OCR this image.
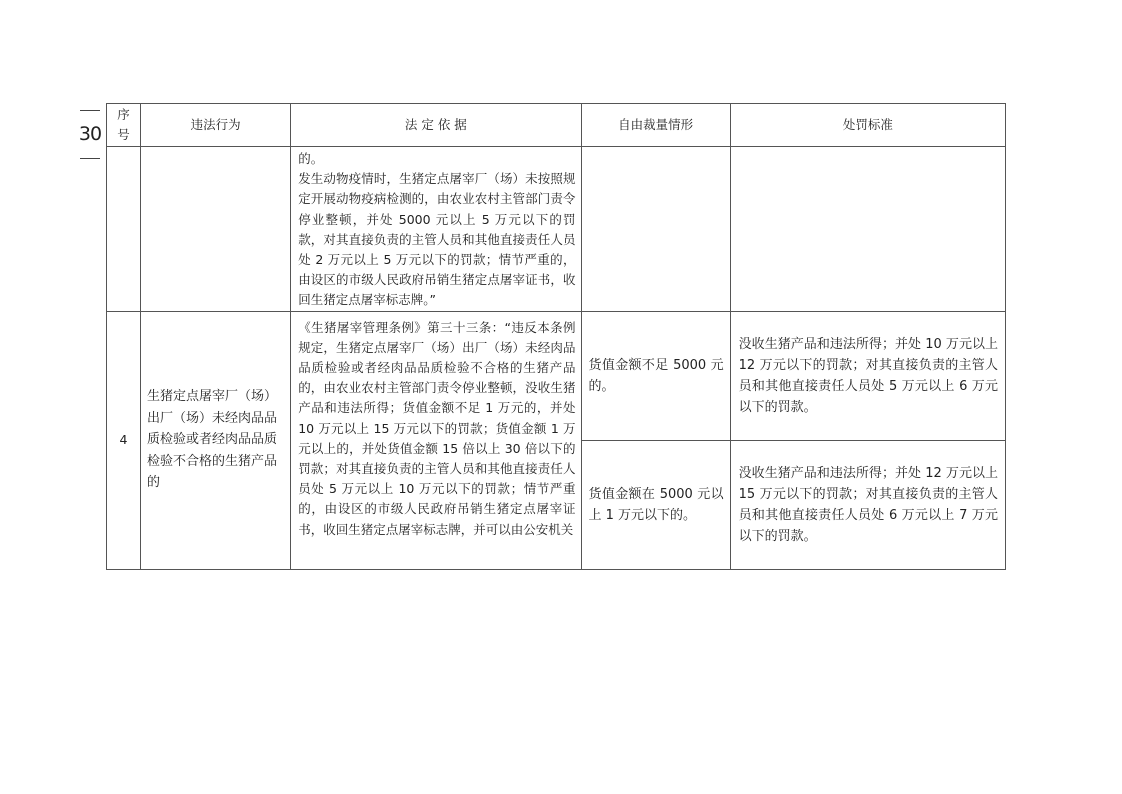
30
序号	违法行为	法 定 依 据	自由裁量情形	处罚标准

		的。
发生动物疫情时，生猪定点屠宰厂（场）未按照规定开展动物疫病检测的，由农业农村主管部门责令停业整顿，并处 5000 元以上 5 万元以下的罚款，对其直接负责的主管人员和其他直接责任人员处 2 万元以上 5 万元以下的罚款；情节严重的，由设区的市级人民政府吊销生猪定点屠宰证书，收回生猪定点屠宰标志牌。”		

4	生猪定点屠宰厂（场）出厂（场）未经肉品品质检验或者经肉品品质检验不合格的生猪产品的	《生猪屠宰管理条例》第三十三条：“违反本条例规定，生猪定点屠宰厂（场）出厂（场）未经肉品品质检验或者经肉品品质检验不合格的生猪产品的，由农业农村主管部门责令停业整顿，没收生猪产品和违法所得；货值金额不足 1 万元的，并处 10 万元以上 15 万元以下的罚款；货值金额 1 万元以上的，并处货值金额 15 倍以上 30 倍以下的罚款；对其直接负责的主管人员和其他直接责任人员处 5 万元以上 10 万元以下的罚款；情节严重的，由设区的市级人民政府吊销生猪定点屠宰证书，收回生猪定点屠宰标志牌，并可以由公安机关	货值金额不足 5000 元的。	没收生猪产品和违法所得；并处 10 万元以上 12 万元以下的罚款；对其直接负责的主管人员和其他直接责任人员处 5 万元以上 6 万元以下的罚款。

			货值金额在 5000 元以上 1 万元以下的。	没收生猪产品和违法所得；并处 12 万元以上 15 万元以下的罚款；对其直接负责的主管人员和其他直接责任人员处 6 万元以上 7 万元以下的罚款。
